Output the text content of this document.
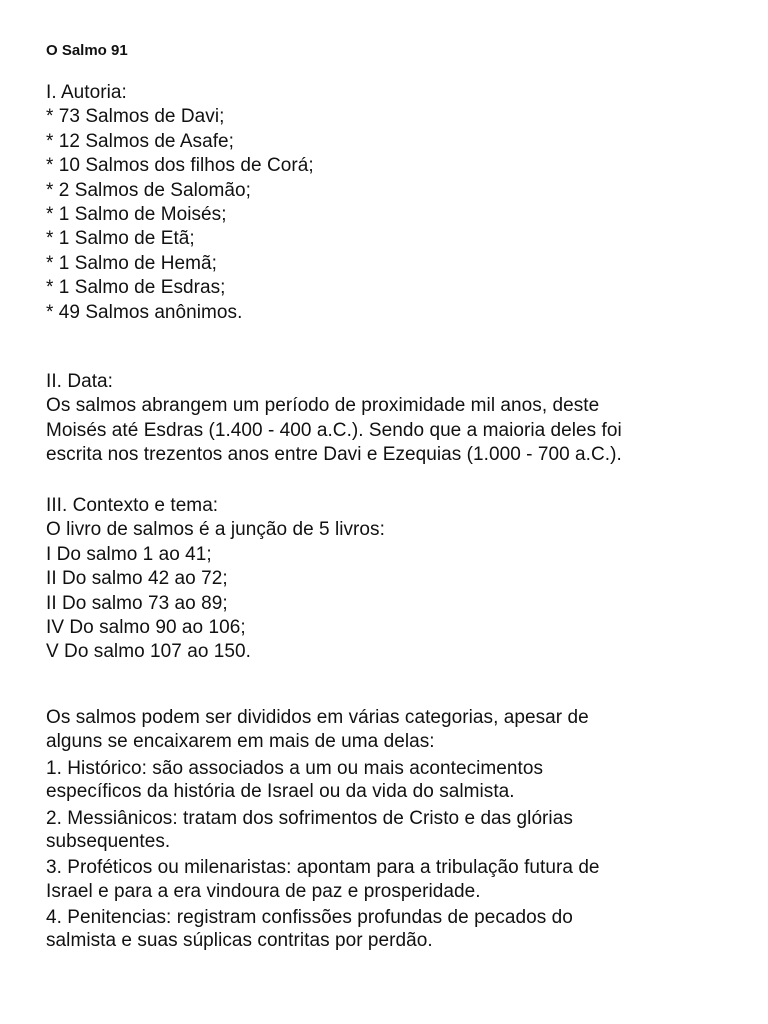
O Salmo 91
I. Autoria:
* 73 Salmos de Davi;
* 12 Salmos de Asafe;
* 10 Salmos dos filhos de Corá;
* 2 Salmos de Salomão;
* 1 Salmo de Moisés;
* 1 Salmo de Etã;
* 1 Salmo de Hemã;
* 1 Salmo de Esdras;
* 49 Salmos anônimos.
II. Data:
Os salmos abrangem um período de proximidade mil anos, deste
Moisés até Esdras (1.400 - 400 a.C.). Sendo que a maioria deles foi
escrita nos trezentos anos entre Davi e Ezequias (1.000 - 700 a.C.).
III. Contexto e tema:
O livro de salmos é a junção de 5 livros:
I Do salmo 1 ao 41;
II Do salmo 42 ao 72;
II Do salmo 73 ao 89;
IV Do salmo 90 ao 106;
V Do salmo 107 ao 150.
Os salmos podem ser divididos em várias categorias, apesar de
alguns se encaixarem em mais de uma delas:
1. Histórico: são associados a um ou mais acontecimentos
específicos da história de Israel ou da vida do salmista.
2. Messiânicos: tratam dos sofrimentos de Cristo e das glórias
subsequentes.
3. Proféticos ou milenaristas: apontam para a tribulação futura de
Israel e para a era vindoura de paz e prosperidade.
4. Penitencias: registram confissões profundas de pecados do
salmista e suas súplicas contritas por perdão.
